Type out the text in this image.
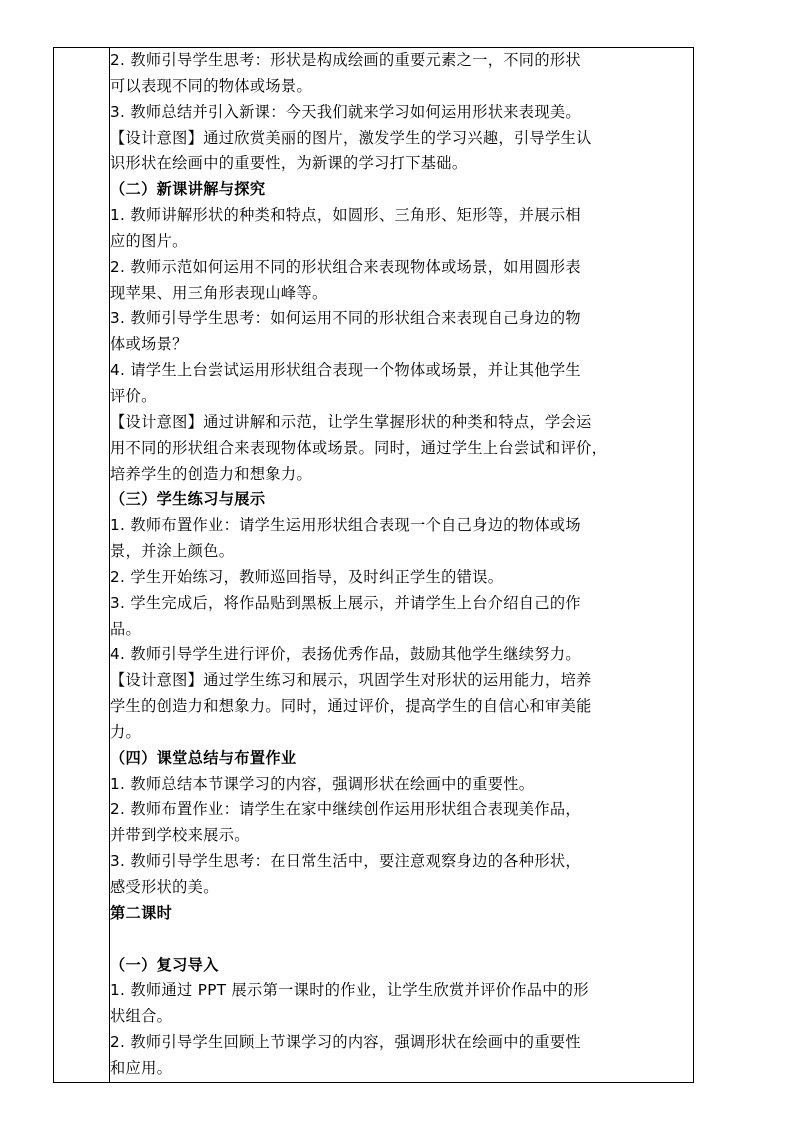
2. 教师引导学生思考：形状是构成绘画的重要元素之一，不同的形状
可以表现不同的物体或场景。
3. 教师总结并引入新课：今天我们就来学习如何运用形状来表现美。
【设计意图】通过欣赏美丽的图片，激发学生的学习兴趣，引导学生认
识形状在绘画中的重要性，为新课的学习打下基础。
（二）新课讲解与探究
1. 教师讲解形状的种类和特点，如圆形、三角形、矩形等，并展示相
应的图片。
2. 教师示范如何运用不同的形状组合来表现物体或场景，如用圆形表
现苹果、用三角形表现山峰等。
3. 教师引导学生思考：如何运用不同的形状组合来表现自己身边的物
体或场景？
4. 请学生上台尝试运用形状组合表现一个物体或场景，并让其他学生
评价。
【设计意图】通过讲解和示范，让学生掌握形状的种类和特点，学会运
用不同的形状组合来表现物体或场景。同时，通过学生上台尝试和评价，
培养学生的创造力和想象力。
（三）学生练习与展示
1. 教师布置作业：请学生运用形状组合表现一个自己身边的物体或场
景，并涂上颜色。
2. 学生开始练习，教师巡回指导，及时纠正学生的错误。
3. 学生完成后，将作品贴到黑板上展示，并请学生上台介绍自己的作
品。
4. 教师引导学生进行评价，表扬优秀作品，鼓励其他学生继续努力。
【设计意图】通过学生练习和展示，巩固学生对形状的运用能力，培养
学生的创造力和想象力。同时，通过评价，提高学生的自信心和审美能
力。
（四）课堂总结与布置作业
1. 教师总结本节课学习的内容，强调形状在绘画中的重要性。
2. 教师布置作业：请学生在家中继续创作运用形状组合表现美作品，
并带到学校来展示。
3. 教师引导学生思考：在日常生活中，要注意观察身边的各种形状，
感受形状的美。
第二课时
（一）复习导入
1. 教师通过 PPT 展示第一课时的作业，让学生欣赏并评价作品中的形
状组合。
2. 教师引导学生回顾上节课学习的内容，强调形状在绘画中的重要性
和应用。
